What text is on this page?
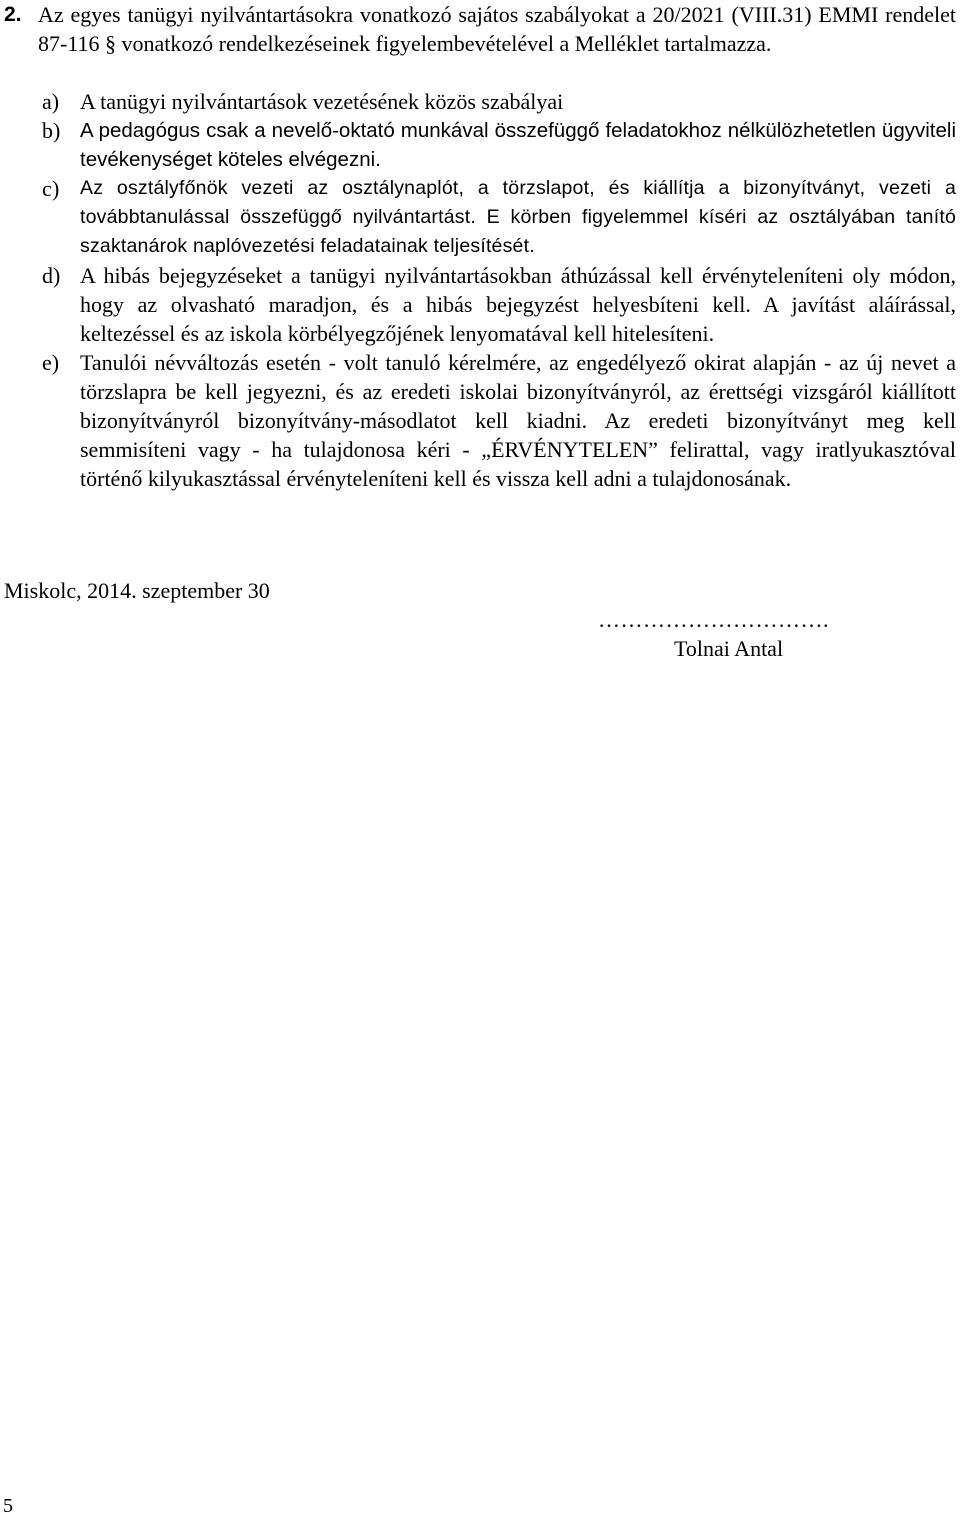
2. Az egyes tanügyi nyilvántartásokra vonatkozó sajátos szabályokat a 20/2021 (VIII.31) EMMI rendelet 87-116 § vonatkozó rendelkezéseinek figyelembevételével a Melléklet tartalmazza.
a) A tanügyi nyilvántartások vezetésének közös szabályai
b) A pedagógus csak a nevelő-oktató munkával összefüggő feladatokhoz nélkülözhetetlen ügyviteli tevékenységet köteles elvégezni.
c) Az osztályfőnök vezeti az osztálynaplót, a törzslapot, és kiállítja a bizonyítványt, vezeti a továbbtanulással összefüggő nyilvántartást. E körben figyelemmel kíséri az osztályában tanító szaktanárok naplóvezetési feladatainak teljesítését.
d) A hibás bejegyzéseket a tanügyi nyilvántartásokban áthúzással kell érvényteleníteni oly módon, hogy az olvasható maradjon, és a hibás bejegyzést helyesbíteni kell. A javítást aláírással, keltezéssel és az iskola körbélyegzőjének lenyomatával kell hitelesíteni.
e) Tanulói névváltozás esetén - volt tanuló kérelmére, az engedélyező okirat alapján - az új nevet a törzslapra be kell jegyezni, és az eredeti iskolai bizonyítványról, az érettségi vizsgáról kiállított bizonyítványról bizonyítvány-másodlatot kell kiadni. Az eredeti bizonyítványt meg kell semmisíteni vagy - ha tulajdonosa kéri - „ÉRVÉNYTELEN” felirattal, vagy iratlyukasztóval történő kilyukasztással érvényteleníteni kell és vissza kell adni a tulajdonosának.
Miskolc, 2014. szeptember 30
………………………….
Tolnai Antal
5
